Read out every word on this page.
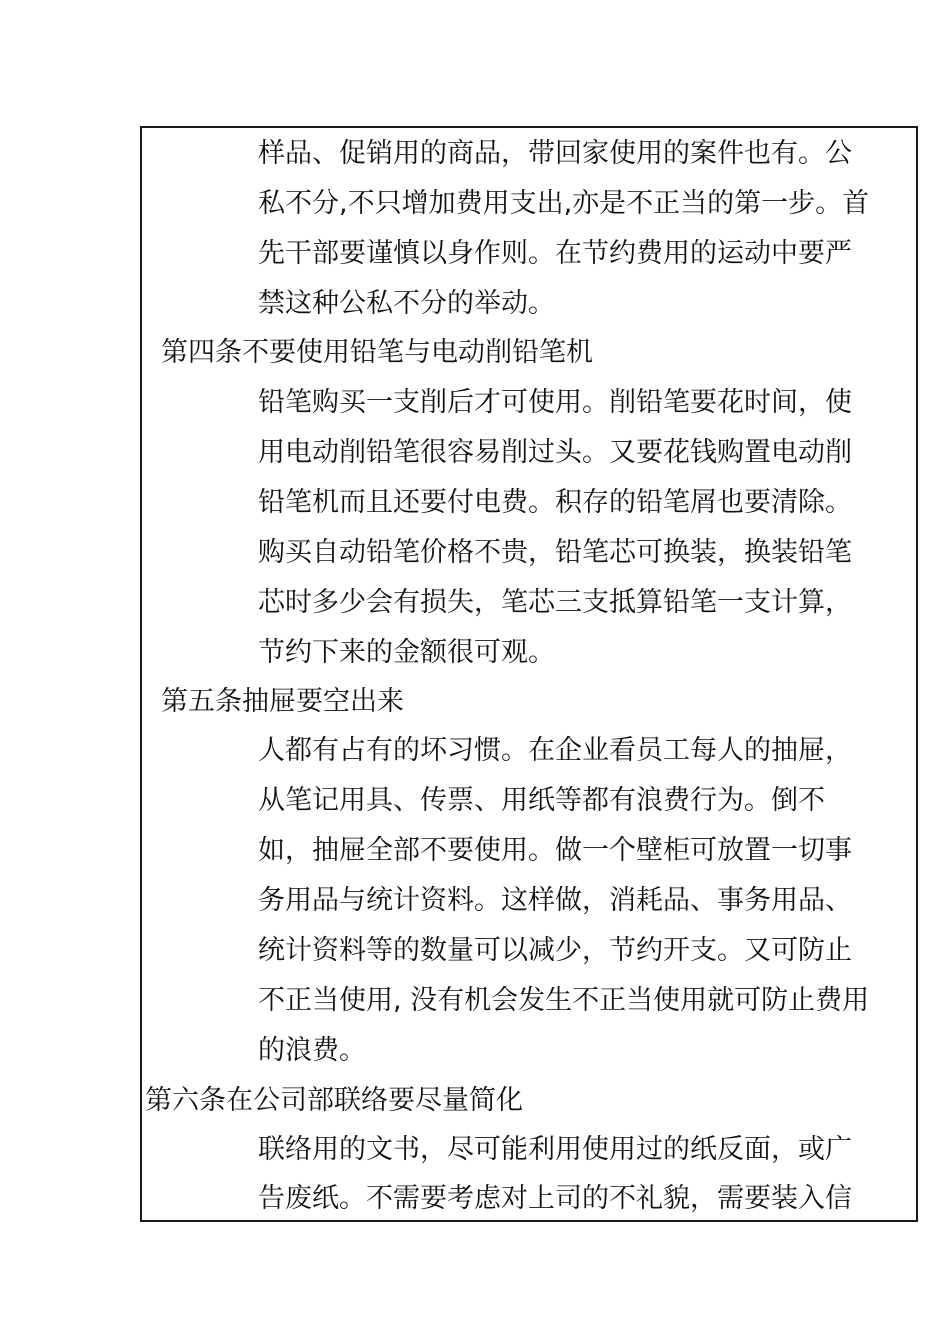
样品、促销用的商品，带回家使用的案件也有。公
私不分,不只增加费用支出,亦是不正当的第一步。首
先干部要谨慎以身作则。在节约费用的运动中要严
禁这种公私不分的举动。
第四条不要使用铅笔与电动削铅笔机
铅笔购买一支削后才可使用。削铅笔要花时间，使
用电动削铅笔很容易削过头。又要花钱购置电动削
铅笔机而且还要付电费。积存的铅笔屑也要清除。
购买自动铅笔价格不贵，铅笔芯可换装，换装铅笔
芯时多少会有损失，笔芯三支抵算铅笔一支计算，
节约下来的金额很可观。
第五条抽屉要空出来
人都有占有的坏习惯。在企业看员工每人的抽屉，
从笔记用具、传票、用纸等都有浪费行为。倒不
如，抽屉全部不要使用。做一个壁柜可放置一切事
务用品与统计资料。这样做，消耗品、事务用品、
统计资料等的数量可以减少，节约开支。又可防止
不正当使用, 没有机会发生不正当使用就可防止费用
的浪费。
第六条在公司部联络要尽量简化
联络用的文书，尽可能利用使用过的纸反面，或广
告废纸。不需要考虑对上司的不礼貌，需要装入信
